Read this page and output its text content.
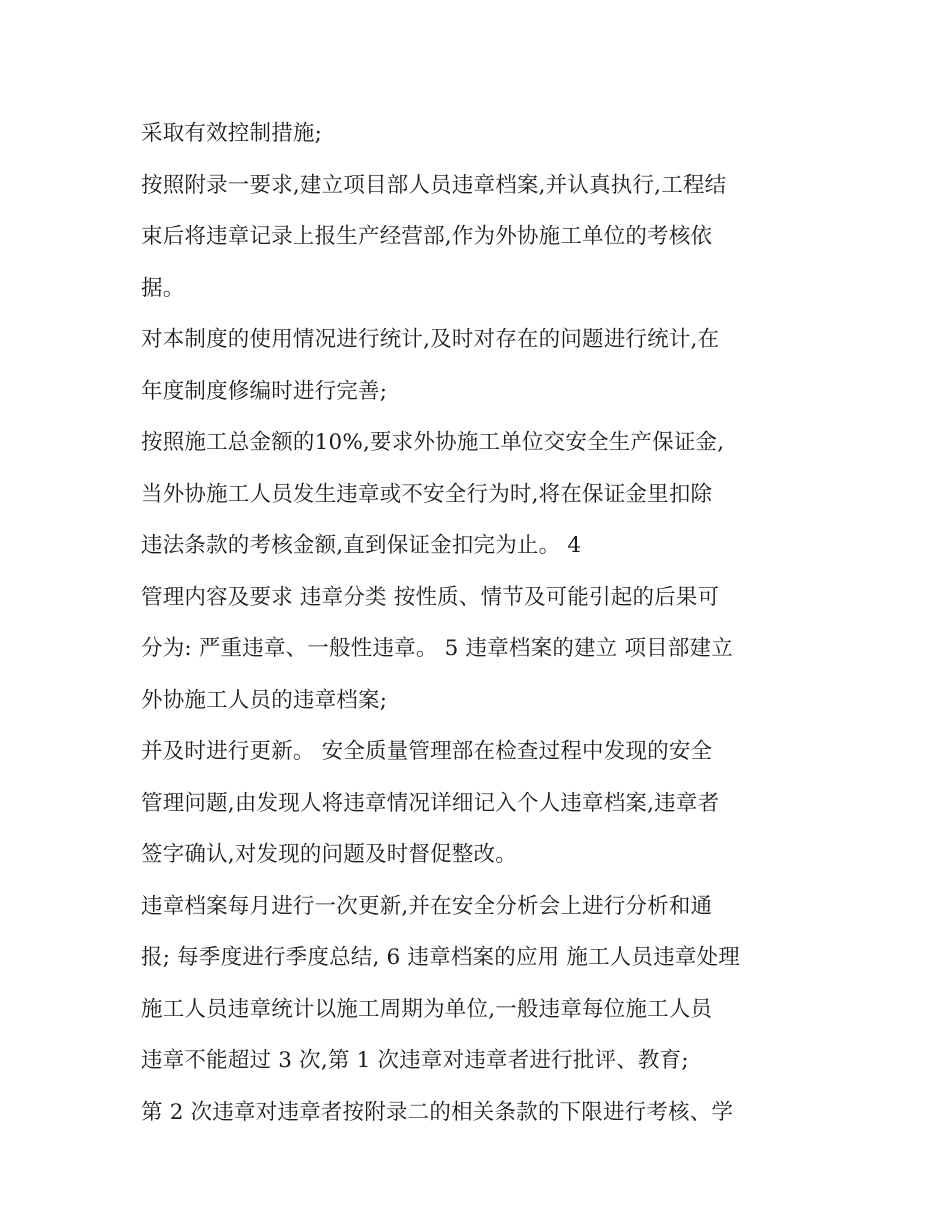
采取有效控制措施;
按照附录一要求,建立项目部人员违章档案,并认真执行,工程结
束后将违章记录上报生产经营部,作为外协施工单位的考核依
据。
对本制度的使用情况进行统计,及时对存在的问题进行统计,在
年度制度修编时进行完善;
按照施工总金额的10%,要求外协施工单位交安全生产保证金,
当外协施工人员发生违章或不安全行为时,将在保证金里扣除
违法条款的考核金额,直到保证金扣完为止。 4
管理内容及要求 违章分类 按性质、情节及可能引起的后果可
分为: 严重违章、一般性违章。 5 违章档案的建立 项目部建立
外协施工人员的违章档案;
并及时进行更新。 安全质量管理部在检查过程中发现的安全
管理问题,由发现人将违章情况详细记入个人违章档案,违章者
签字确认,对发现的问题及时督促整改。
违章档案每月进行一次更新,并在安全分析会上进行分析和通
报; 每季度进行季度总结, 6 违章档案的应用 施工人员违章处理
施工人员违章统计以施工周期为单位,一般违章每位施工人员
违章不能超过 3 次,第 1 次违章对违章者进行批评、教育;
第 2 次违章对违章者按附录二的相关条款的下限进行考核、学
